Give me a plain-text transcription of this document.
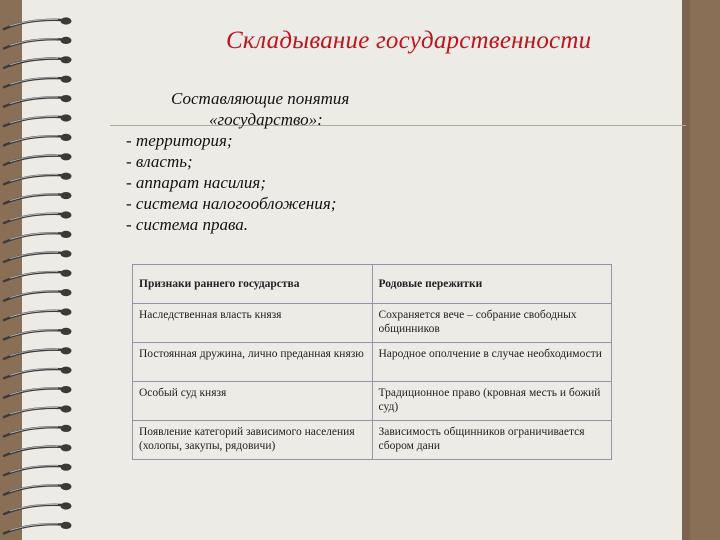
Складывание государственности
Составляющие понятия
«государство»:
- территория;
- власть;
- аппарат насилия;
- система налогообложения;
- система права.
Признаки раннего государства	Родовые пережитки
Наследственная власть князя	Сохраняется вече – собрание свободных общинников
Постоянная дружина, лично преданная князю	Народное ополчение в случае необходимости
Особый суд князя	Традиционное право (кровная месть и божий суд)
Появление категорий зависимого населения (холопы, закупы, рядовичи)	Зависимость общинников ограничивается сбором дани
